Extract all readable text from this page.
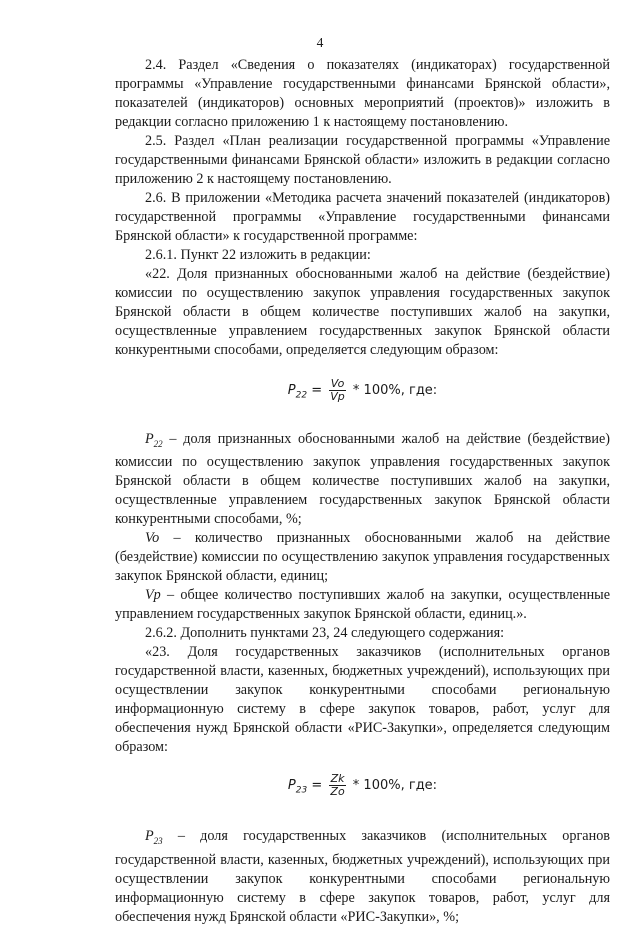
4

2.4. Раздел «Сведения о показателях (индикаторах) государственной программы «Управление государственными финансами Брянской области», показателей (индикаторов) основных мероприятий (проектов)» изложить в редакции согласно приложению 1 к настоящему постановлению.

2.5. Раздел «План реализации государственной программы «Управление государственными финансами Брянской области» изложить в редакции согласно приложению 2 к настоящему постановлению.

2.6. В приложении «Методика расчета значений показателей (индикаторов) государственной программы «Управление государственными финансами Брянской области» к государственной программе:

2.6.1. Пункт 22 изложить в редакции:

«22. Доля признанных обоснованными жалоб на действие (бездействие) комиссии по осуществлению закупок управления государственных закупок Брянской области в общем количестве поступивших жалоб на закупки, осуществленные управлением государственных закупок Брянской области конкурентными способами, определяется следующим образом:

$P_{22} = \frac{Vo}{Vp} * 100\%$, где:

$P_{22}$ – доля признанных обоснованными жалоб на действие (бездействие) комиссии по осуществлению закупок управления государственных закупок Брянской области в общем количестве поступивших жалоб на закупки, осуществленные управлением государственных закупок Брянской области конкурентными способами, %;

Vo – количество признанных обоснованными жалоб на действие (бездействие) комиссии по осуществлению закупок управления государственных закупок Брянской области, единиц;

Vp – общее количество поступивших жалоб на закупки, осуществленные управлением государственных закупок Брянской области, единиц.».

2.6.2. Дополнить пунктами 23, 24 следующего содержания:

«23. Доля государственных заказчиков (исполнительных органов государственной власти, казенных, бюджетных учреждений), использующих при осуществлении закупок конкурентными способами региональную информационную систему в сфере закупок товаров, работ, услуг для обеспечения нужд Брянской области «РИС-Закупки», определяется следующим образом:

$P_{23} = \frac{Zk}{Zo} * 100\%$, где:

$P_{23}$ – доля государственных заказчиков (исполнительных органов государственной власти, казенных, бюджетных учреждений), использующих при осуществлении закупок конкурентными способами региональную информационную систему в сфере закупок товаров, работ, услуг для обеспечения нужд Брянской области «РИС-Закупки», %;
